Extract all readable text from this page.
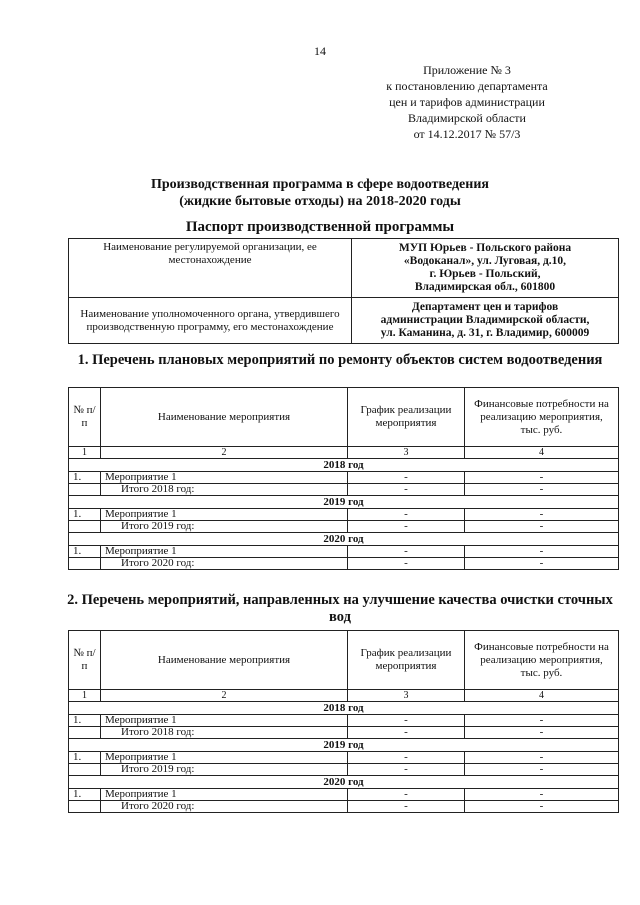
14
Приложение № 3
к постановлению департамента
цен и тарифов администрации
Владимирской области
от 14.12.2017 № 57/3
Производственная программа в сфере водоотведения
(жидкие бытовые отходы) на 2018-2020 годы
Паспорт производственной программы
Наименование регулируемой организации, ее местонахождение	МУП Юрьев - Польского района
«Водоканал», ул. Луговая, д.10,
г. Юрьев - Польский,
Владимирская обл., 601800

Наименование уполномоченного органа, утвердившего производственную программу, его местонахождение	Департамент цен и тарифов
администрации Владимирской области,
ул. Каманина, д. 31, г. Владимир, 600009
1. Перечень плановых мероприятий по ремонту объектов систем водоотведения
№ п/п	Наименование мероприятия	График реализации мероприятия	Финансовые потребности на реализацию мероприятия, тыс. руб.
1	2	3	4
2018 год			
1.	Мероприятие 1	-	-
	Итого 2018 год:	-	-
2019 год			
1.	Мероприятие 1	-	-
	Итого 2019 год:	-	-
2020 год			
1.	Мероприятие 1	-	-
	Итого 2020 год:	-	-
2. Перечень мероприятий, направленных на улучшение качества очистки сточных вод
№ п/п	Наименование мероприятия	График реализации мероприятия	Финансовые потребности на реализацию мероприятия, тыс. руб.
1	2	3	4
2018 год			
1.	Мероприятие 1	-	-
	Итого 2018 год:	-	-
2019 год			
1.	Мероприятие 1	-	-
	Итого 2019 год:	-	-
2020 год			
1.	Мероприятие 1	-	-
	Итого 2020 год:	-	-
